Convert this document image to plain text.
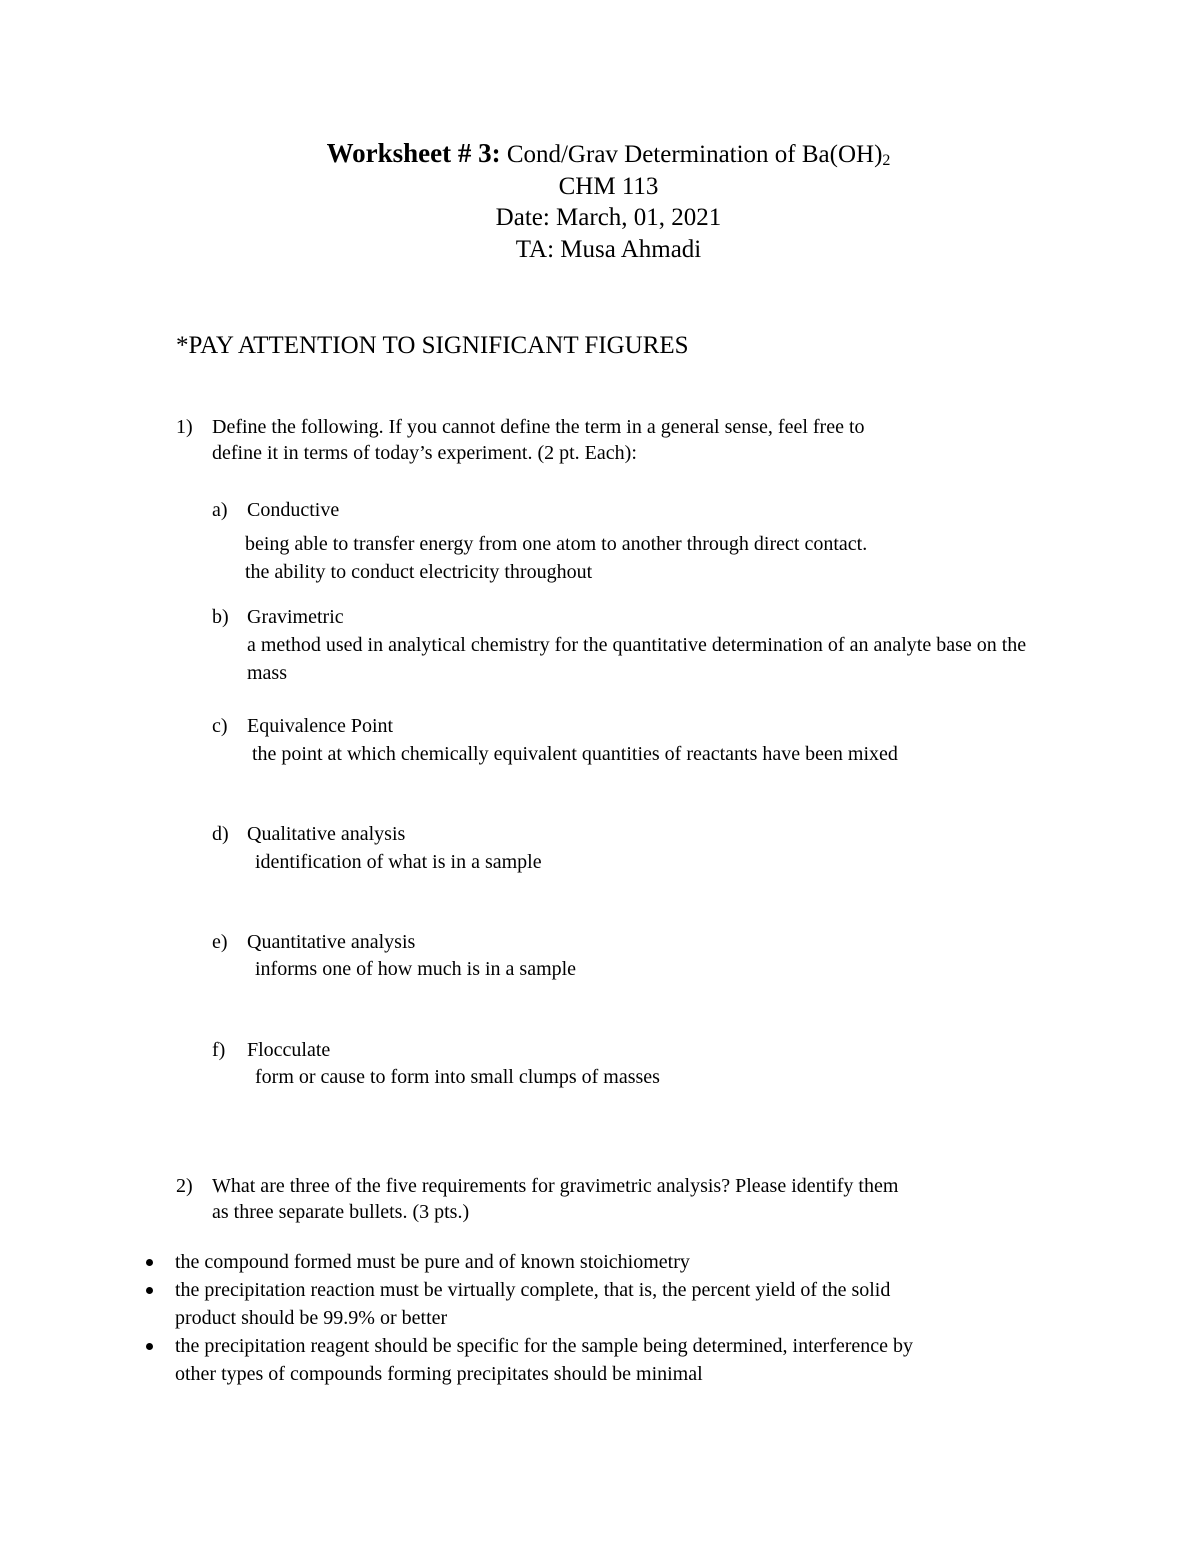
Worksheet # 3: Cond/Grav Determination of $Ba(OH)_2$
CHM 113
Date: March, 01, 2021
TA: Musa Ahmadi
*PAY ATTENTION TO SIGNIFICANT FIGURES
1) Define the following. If you cannot define the term in a general sense, feel free to
define it in terms of today’s experiment. (2 pt. Each):
a) Conductive
being able to transfer energy from one atom to another through direct contact.
the ability to conduct electricity throughout
b) Gravimetric
a method used in analytical chemistry for the quantitative determination of an analyte base on the
mass
c) Equivalence Point
the point at which chemically equivalent quantities of reactants have been mixed
d) Qualitative analysis
identification of what is in a sample
e) Quantitative analysis
informs one of how much is in a sample
f) Flocculate
form or cause to form into small clumps of masses
2) What are three of the five requirements for gravimetric analysis? Please identify them
as three separate bullets. (3 pts.)
the compound formed must be pure and of known stoichiometry
the precipitation reaction must be virtually complete, that is, the percent yield of the solid
product should be 99.9% or better
the precipitation reagent should be specific for the sample being determined, interference by
other types of compounds forming precipitates should be minimal
